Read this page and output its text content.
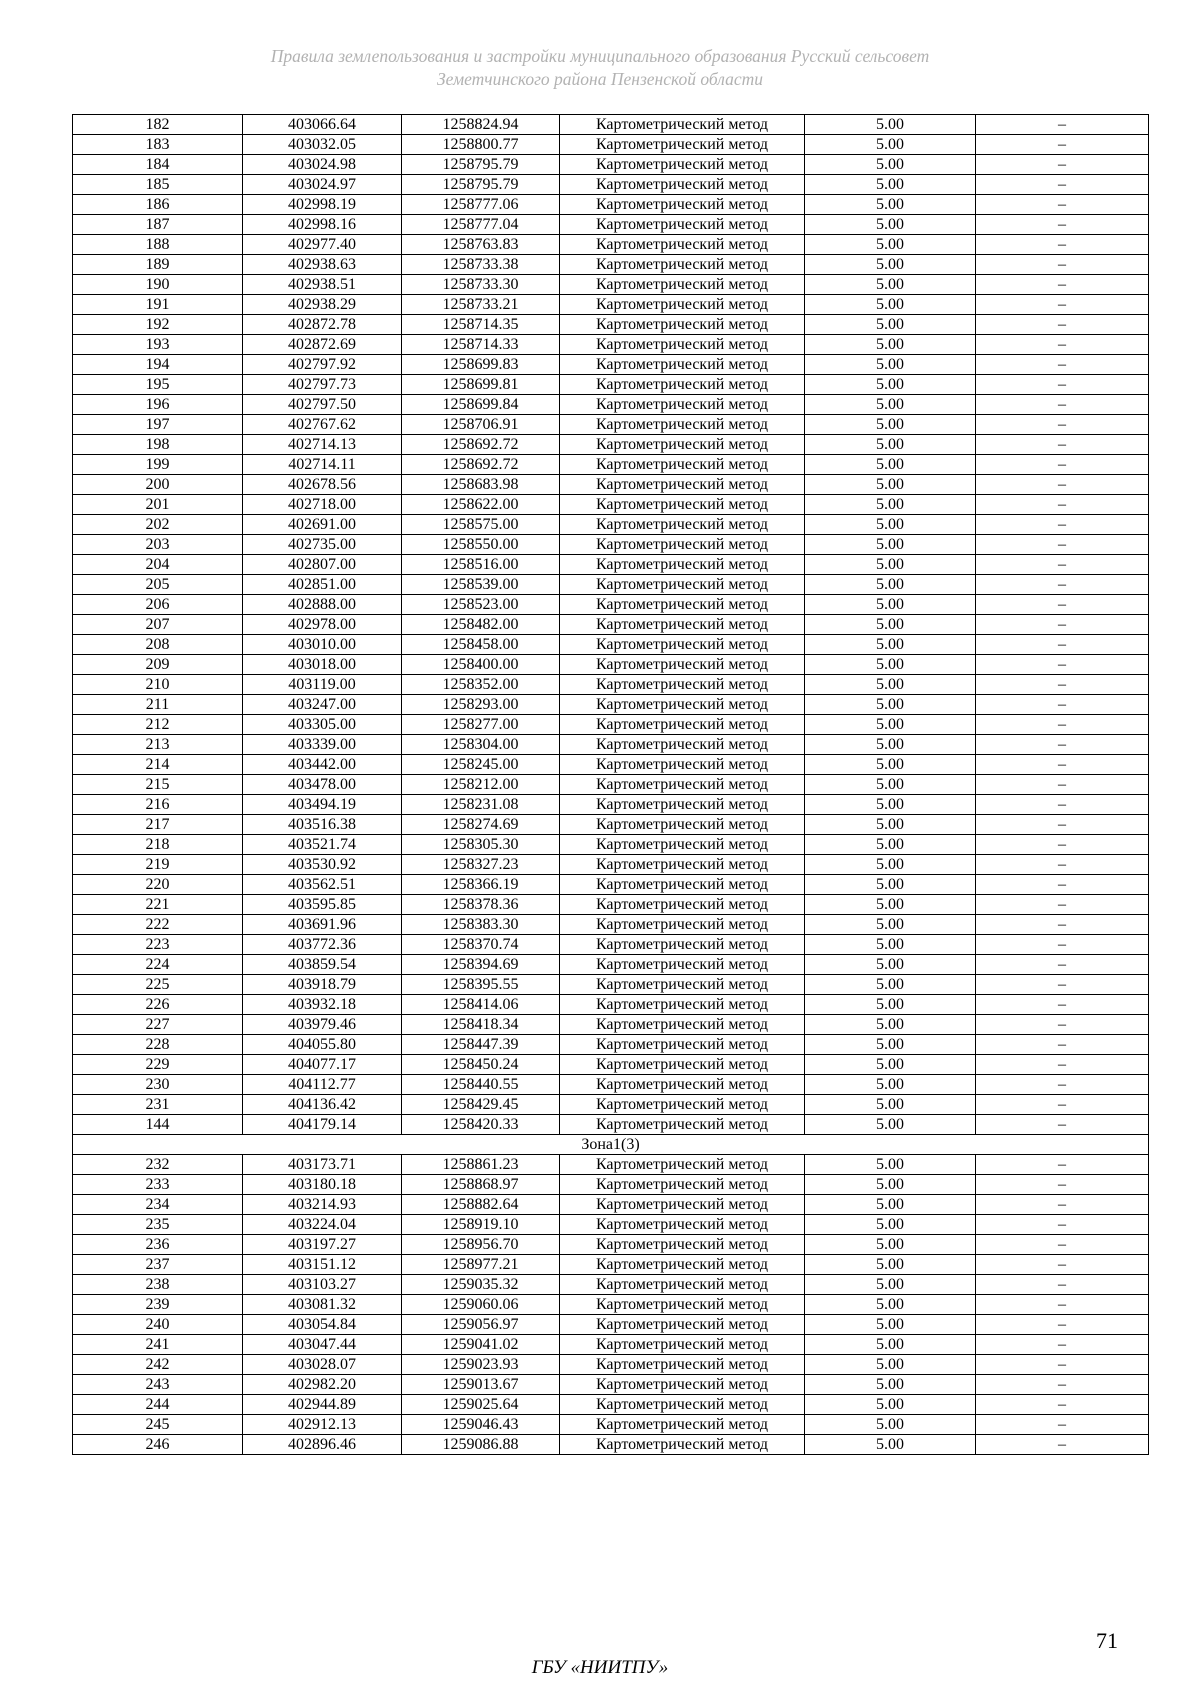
Правила землепользования и застройки муниципального образования Русский сельсовет
Земетчинского района Пензенской области
182	403066.64	1258824.94	Картометрический метод	5.00	–
183	403032.05	1258800.77	Картометрический метод	5.00	–
184	403024.98	1258795.79	Картометрический метод	5.00	–
185	403024.97	1258795.79	Картометрический метод	5.00	–
186	402998.19	1258777.06	Картометрический метод	5.00	–
187	402998.16	1258777.04	Картометрический метод	5.00	–
188	402977.40	1258763.83	Картометрический метод	5.00	–
189	402938.63	1258733.38	Картометрический метод	5.00	–
190	402938.51	1258733.30	Картометрический метод	5.00	–
191	402938.29	1258733.21	Картометрический метод	5.00	–
192	402872.78	1258714.35	Картометрический метод	5.00	–
193	402872.69	1258714.33	Картометрический метод	5.00	–
194	402797.92	1258699.83	Картометрический метод	5.00	–
195	402797.73	1258699.81	Картометрический метод	5.00	–
196	402797.50	1258699.84	Картометрический метод	5.00	–
197	402767.62	1258706.91	Картометрический метод	5.00	–
198	402714.13	1258692.72	Картометрический метод	5.00	–
199	402714.11	1258692.72	Картометрический метод	5.00	–
200	402678.56	1258683.98	Картометрический метод	5.00	–
201	402718.00	1258622.00	Картометрический метод	5.00	–
202	402691.00	1258575.00	Картометрический метод	5.00	–
203	402735.00	1258550.00	Картометрический метод	5.00	–
204	402807.00	1258516.00	Картометрический метод	5.00	–
205	402851.00	1258539.00	Картометрический метод	5.00	–
206	402888.00	1258523.00	Картометрический метод	5.00	–
207	402978.00	1258482.00	Картометрический метод	5.00	–
208	403010.00	1258458.00	Картометрический метод	5.00	–
209	403018.00	1258400.00	Картометрический метод	5.00	–
210	403119.00	1258352.00	Картометрический метод	5.00	–
211	403247.00	1258293.00	Картометрический метод	5.00	–
212	403305.00	1258277.00	Картометрический метод	5.00	–
213	403339.00	1258304.00	Картометрический метод	5.00	–
214	403442.00	1258245.00	Картометрический метод	5.00	–
215	403478.00	1258212.00	Картометрический метод	5.00	–
216	403494.19	1258231.08	Картометрический метод	5.00	–
217	403516.38	1258274.69	Картометрический метод	5.00	–
218	403521.74	1258305.30	Картометрический метод	5.00	–
219	403530.92	1258327.23	Картометрический метод	5.00	–
220	403562.51	1258366.19	Картометрический метод	5.00	–
221	403595.85	1258378.36	Картометрический метод	5.00	–
222	403691.96	1258383.30	Картометрический метод	5.00	–
223	403772.36	1258370.74	Картометрический метод	5.00	–
224	403859.54	1258394.69	Картометрический метод	5.00	–
225	403918.79	1258395.55	Картометрический метод	5.00	–
226	403932.18	1258414.06	Картометрический метод	5.00	–
227	403979.46	1258418.34	Картометрический метод	5.00	–
228	404055.80	1258447.39	Картометрический метод	5.00	–
229	404077.17	1258450.24	Картометрический метод	5.00	–
230	404112.77	1258440.55	Картометрический метод	5.00	–
231	404136.42	1258429.45	Картометрический метод	5.00	–
144	404179.14	1258420.33	Картометрический метод	5.00	–
Зона1(3)					
232	403173.71	1258861.23	Картометрический метод	5.00	–
233	403180.18	1258868.97	Картометрический метод	5.00	–
234	403214.93	1258882.64	Картометрический метод	5.00	–
235	403224.04	1258919.10	Картометрический метод	5.00	–
236	403197.27	1258956.70	Картометрический метод	5.00	–
237	403151.12	1258977.21	Картометрический метод	5.00	–
238	403103.27	1259035.32	Картометрический метод	5.00	–
239	403081.32	1259060.06	Картометрический метод	5.00	–
240	403054.84	1259056.97	Картометрический метод	5.00	–
241	403047.44	1259041.02	Картометрический метод	5.00	–
242	403028.07	1259023.93	Картометрический метод	5.00	–
243	402982.20	1259013.67	Картометрический метод	5.00	–
244	402944.89	1259025.64	Картометрический метод	5.00	–
245	402912.13	1259046.43	Картометрический метод	5.00	–
246	402896.46	1259086.88	Картометрический метод	5.00	–
71
ГБУ «НИИТПУ»
